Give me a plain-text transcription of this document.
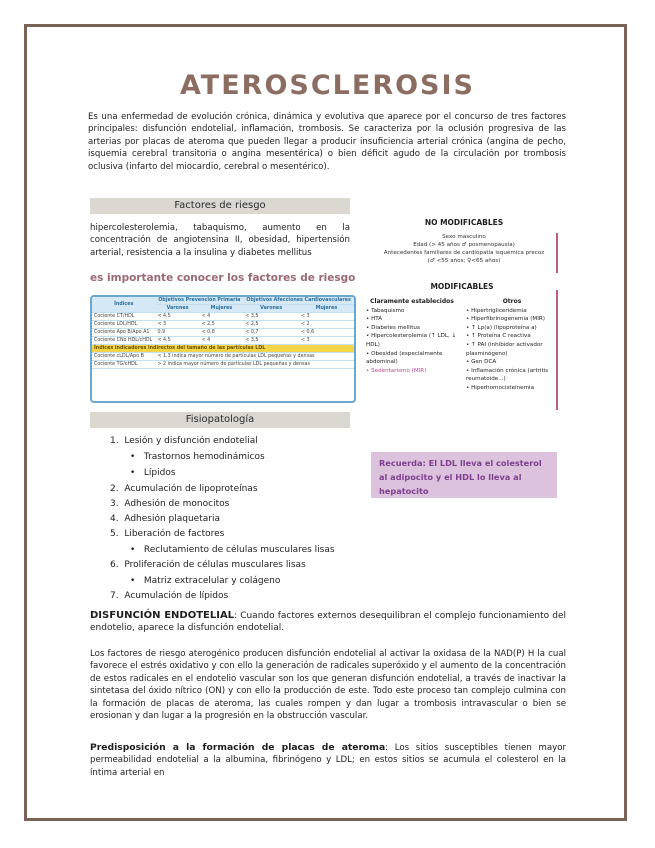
ATEROSCLEROSIS

Es una enfermedad de evolución crónica, dinámica y evolutiva que aparece por el concurso de tres factores principales: disfunción endotelial, inflamación, trombosis. Se caracteriza por la oclusión progresiva de las arterias por placas de ateroma que pueden llegar a producir insuficiencia arterial crónica (angina de pecho, isquemia cerebral transitoria o angina mesentérica) o bien déficit agudo de la circulación por trombosis oclusiva (infarto del miocardio, cerebral o mesentérico).

Factores de riesgo

hipercolesterolemia, tabaquismo, aumento en la concentración de angiotensina II, obesidad, hipertensión arterial, resistencia a la insulina y diabetes mellitus

es importante conocer los factores de riesgo
Índices	Objetivos Prevención Primaria		Objetivos Afecciones Cardiovasculares	
	Varones	Mujeres	Varones	Mujeres
Cociente CT/HDL	< 4,5	< 4	< 3,5	< 3
Cociente LDL/HDL	< 3	< 2,5	< 2,5	< 2
Cociente Apo B/Apo A1	0,9	< 0,8	< 0,7	< 0,6
Cociente CNo HDL/cHDL	< 4,5	< 4	< 3,5	< 3
Índices indicadores indirectos del tamaño de las partículas LDL				
Cociente cLDL/Apo B	< 1,3 indica mayor número de partículas LDL pequeñas y densas			
Cociente TG/cHDL	> 2 indica mayor número de partículas LDL pequeñas y densas			
NO MODIFICABLES
Sexo masculino
Edad (> 45 años ♂ posmenopausia)
Antecedentes familiares de cardiopatía isquémica precoz
(♂ <55 años; ♀<65 años)
MODIFICABLES
Claramente establecidos
• Tabaquismo
• HTA
• Diabetes mellitus
• Hipercolesterolemia (↑ LDL, ↓ HDL)
• Obesidad (especialmente abdominal)
• Sedentarismo (MIR)
Otros
• Hipertrigliceridemia
• Hiperfibrinogenemia (MIR)
• ↑ Lp(a) (lipoproteína a)
• ↑ Proteína C reactiva
• ↑ PAI (inhibidor activador plasminógeno)
• Gen DCA
• Inflamación crónica (artritis reumatoide...)
• Hiperhomocisteinemia
Fisiopatología
1. Lesión y disfunción endotelial
•   Trastornos hemodinámicos
•   Lípidos
2. Acumulación de lipoproteínas
3. Adhesión de monocitos
4. Adhesión plaquetaria
5. Liberación de factores
•   Reclutamiento de células musculares lisas
6. Proliferación de células musculares lisas
•   Matriz extracelular y colágeno
7. Acumulación de lípidos
Recuerda: El LDL lleva el colesterol al adipocito y el HDL lo lleva al hepatocito

DISFUNCIÓN ENDOTELIAL: Cuando factores externos desequilibran el complejo funcionamiento del endotelio, aparece la disfunción endotelial.

Los factores de riesgo aterogénico producen disfunción endotelial al activar la oxidasa de la NAD(P) H la cual favorece el estrés oxidativo y con ello la generación de radicales superóxido y el aumento de la concentración de estos radicales en el endotelio vascular son los que generan disfunción endotelial, a través de inactivar la sintetasa del óxido nítrico (ON) y con ello la producción de este. Todo este proceso tan complejo culmina con la formación de placas de ateroma, las cuales rompen y dan lugar a trombosis intravascular o bien se erosionan y dan lugar a la progresión en la obstrucción vascular.

Predisposición a la formación de placas de ateroma: Los sitios susceptibles tienen mayor permeabilidad endotelial a la albumina, fibrinógeno y LDL; en estos sitios se acumula el colesterol en la íntima arterial en
